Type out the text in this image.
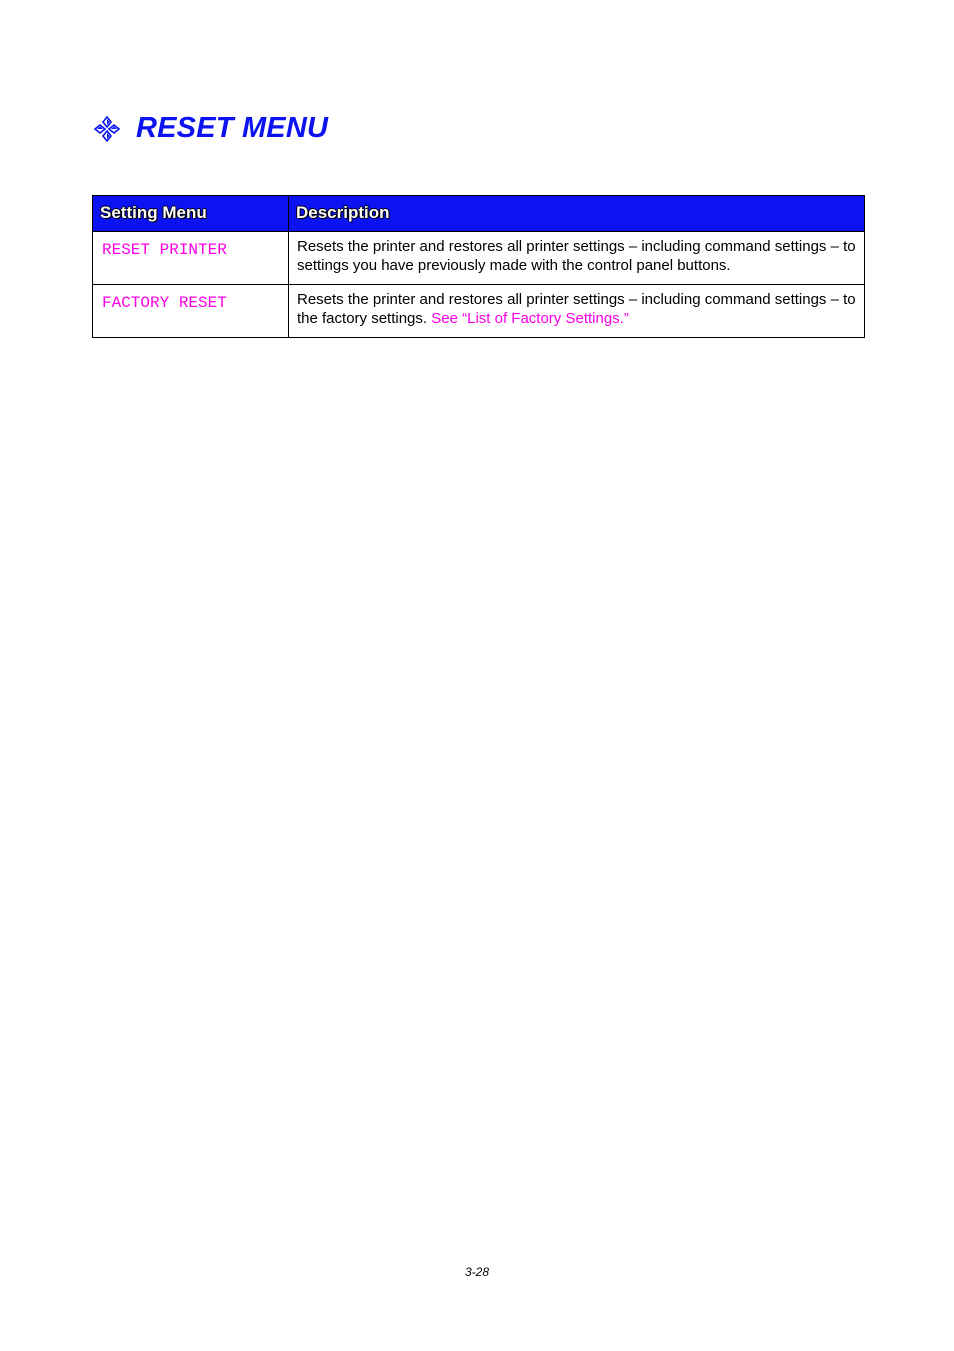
RESET MENU
Setting Menu	Description
RESET PRINTER	Resets the printer and restores all printer settings – including command settings – to settings you have previously made with the control panel buttons.
FACTORY RESET	Resets the printer and restores all printer settings – including command settings – to the factory settings. See “List of Factory Settings.”
3-28
